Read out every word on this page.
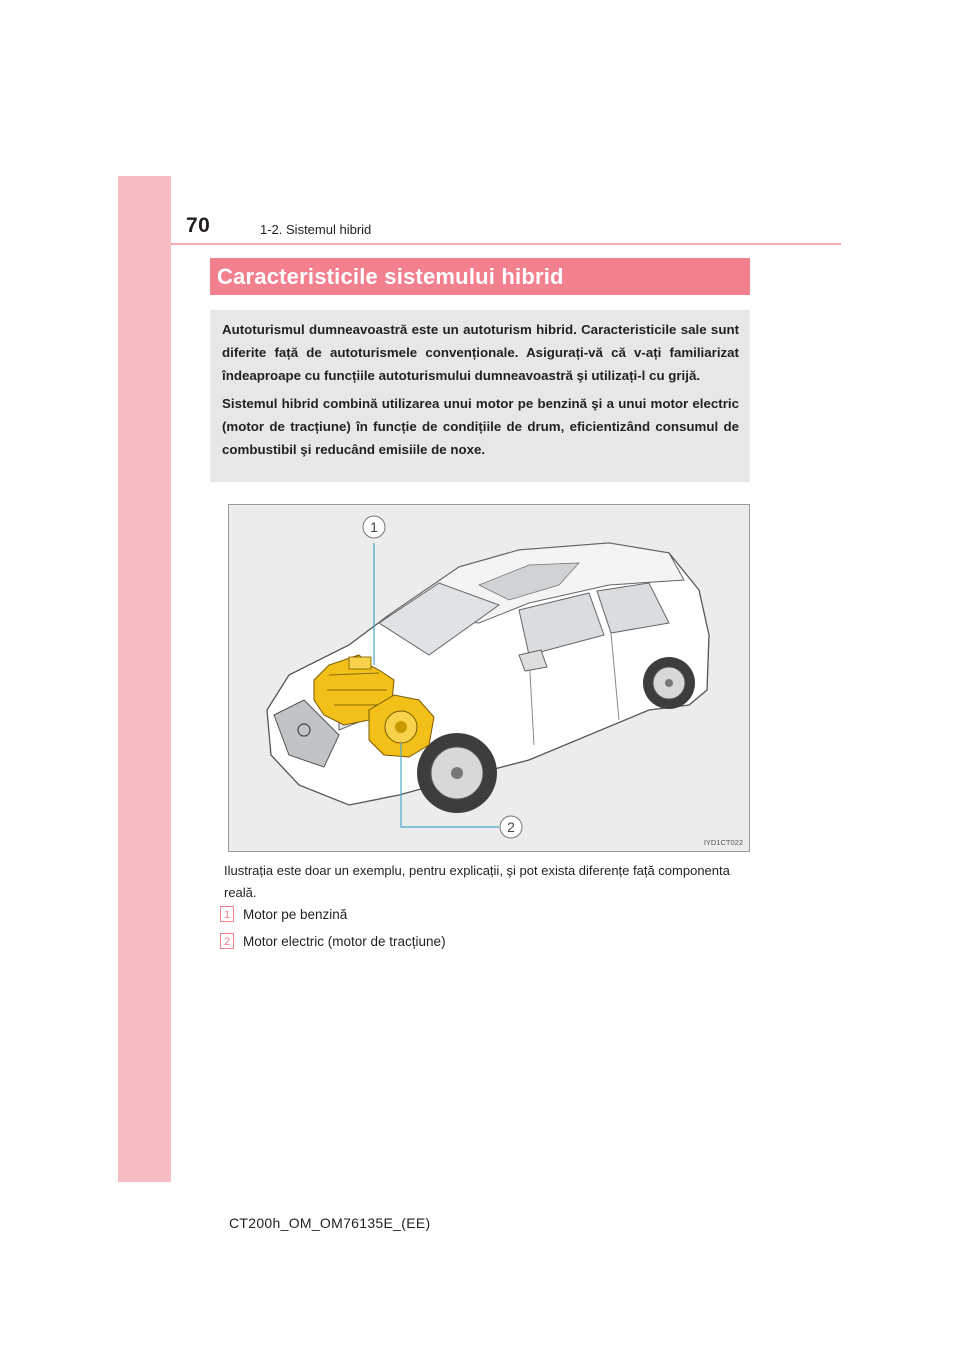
70	1-2. Sistemul hibrid
Caracteristicile sistemului hibrid

Autoturismul dumneavoastră este un autoturism hibrid. Caracteristicile sale sunt diferite față de autoturismele convenționale. Asigurați-vă că v-ați familiarizat îndeaproape cu funcțiile autoturismului dumneavoastră şi utilizați-l cu grijă.

Sistemul hibrid combină utilizarea unui motor pe benzină şi a unui motor electric (motor de tracțiune) în funcție de condițiile de drum, eficientizând consumul de combustibil şi reducând emisiile de noxe.

1
2
IYD1CT022
Ilustrația este doar un exemplu, pentru explicații, şi pot exista diferențe față componenta reală.
1 Motor pe benzină
2 Motor electric (motor de tracțiune)
CT200h_OM_OM76135E_(EE)
